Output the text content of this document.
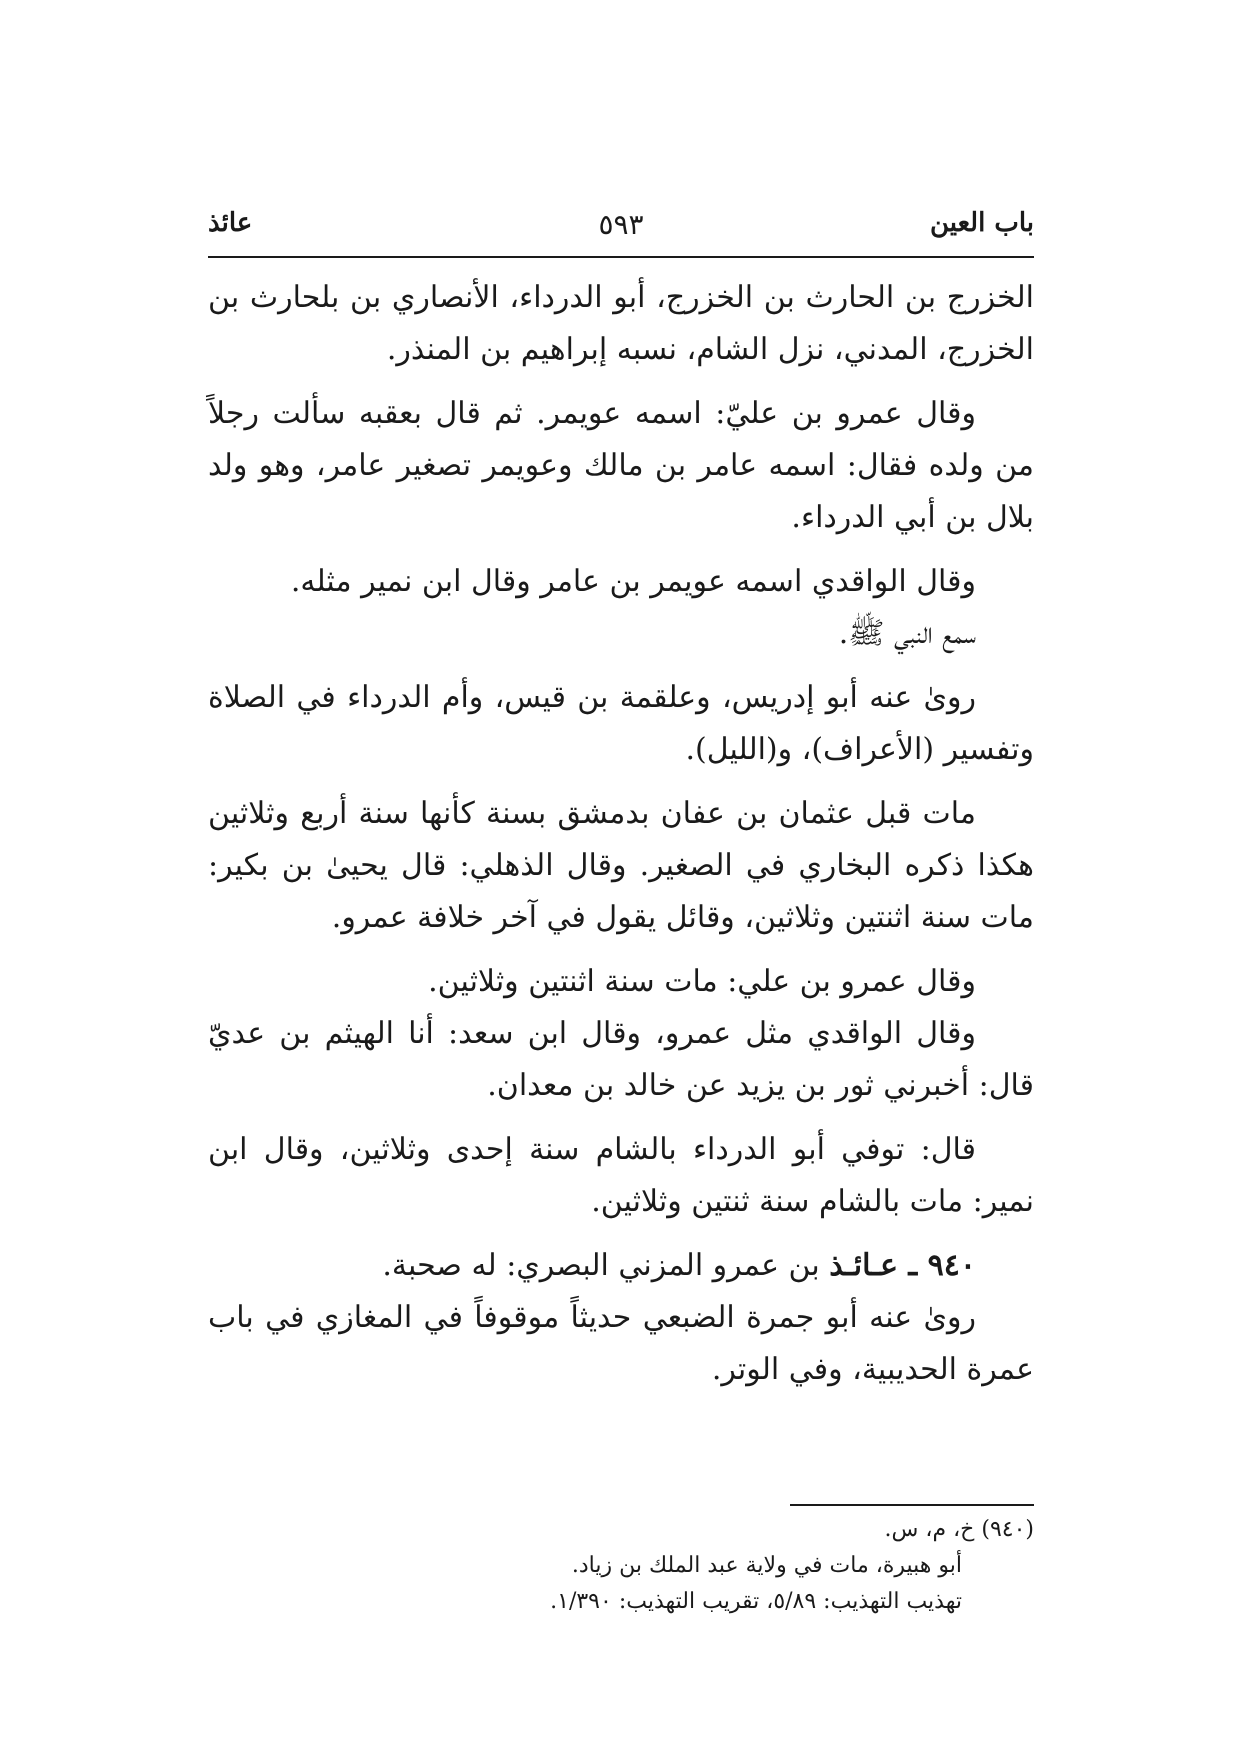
باب العين
٥٩٣
عائذ

الخزرج بن الحارث بن الخزرج، أبو الدرداء، الأنصاري بن بلحارث بن الخزرج، المدني، نزل الشام، نسبه إبراهيم بن المنذر.

وقال عمرو بن عليّ: اسمه عويمر. ثم قال بعقبه سألت رجلاً من ولده فقال: اسمه عامر بن مالك وعويمر تصغير عامر، وهو ولد بلال بن أبي الدرداء.

وقال الواقدي اسمه عويمر بن عامر وقال ابن نمير مثله.

سمع النبي ﷺ.

روىٰ عنه أبو إدريس، وعلقمة بن قيس، وأم الدرداء في الصلاة وتفسير (الأعراف)، و(الليل).

مات قبل عثمان بن عفان بدمشق بسنة كأنها سنة أربع وثلاثين هكذا ذكره البخاري في الصغير. وقال الذهلي: قال يحيىٰ بن بكير: مات سنة اثنتين وثلاثين، وقائل يقول في آخر خلافة عمرو.

وقال عمرو بن علي: مات سنة اثنتين وثلاثين.

وقال الواقدي مثل عمرو، وقال ابن سعد: أنا الهيثم بن عديّ قال: أخبرني ثور بن يزيد عن خالد بن معدان.

قال: توفي أبو الدرداء بالشام سنة إحدى وثلاثين، وقال ابن نمير: مات بالشام سنة ثنتين وثلاثين.

٩٤٠ ـ عـائـذ بن عمرو المزني البصري: له صحبة.

روىٰ عنه أبو جمرة الضبعي حديثاً موقوفاً في المغازي في باب عمرة الحديبية، وفي الوتر.

(٩٤٠) خ، م، س.
أبو هبيرة، مات في ولاية عبد الملك بن زياد.
تهذيب التهذيب: ٥/٨٩، تقريب التهذيب: ١/٣٩٠.
